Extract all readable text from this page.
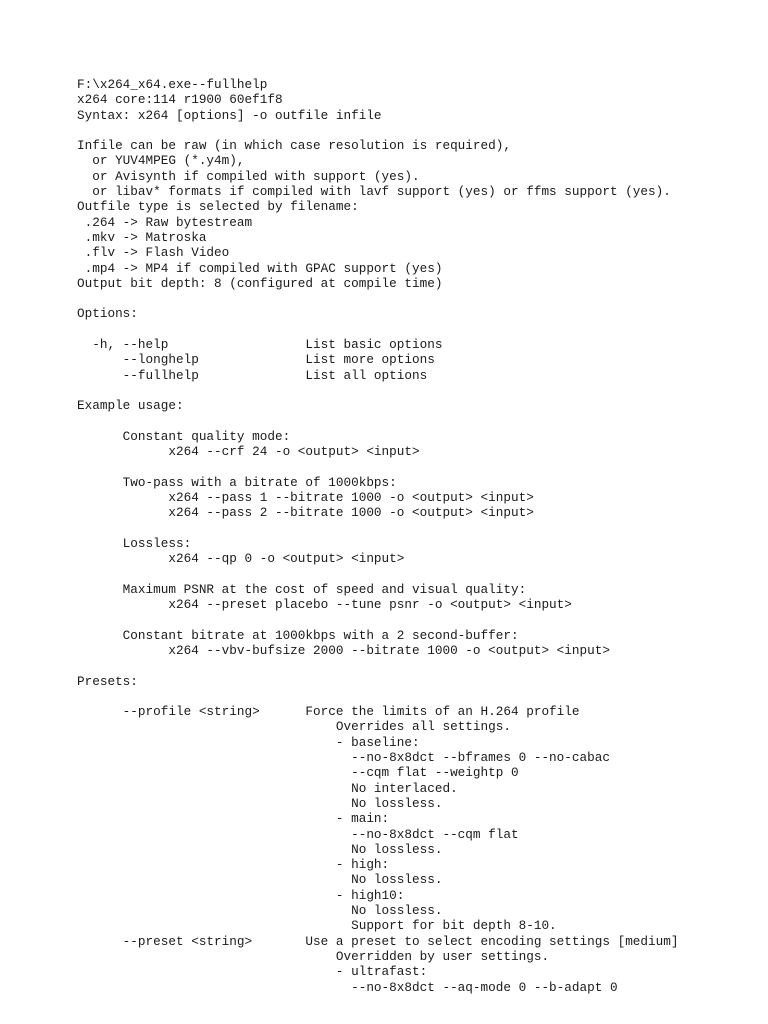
F:\x264_x64.exe--fullhelp
x264 core:114 r1900 60ef1f8
Syntax: x264 [options] -o outfile infile
Infile can be raw (in which case resolution is required),
or YUV4MPEG (*.y4m),
or Avisynth if compiled with support (yes).
or libav* formats if compiled with lavf support (yes) or ffms support (yes).
Outfile type is selected by filename:
.264 -> Raw bytestream
.mkv -> Matroska
.flv -> Flash Video
.mp4 -> MP4 if compiled with GPAC support (yes)
Output bit depth: 8 (configured at compile time)
Options:
-h, --help                  List basic options
--longhelp              List more options
--fullhelp              List all options
Example usage:
Constant quality mode:
x264 --crf 24 -o <output> <input>
Two-pass with a bitrate of 1000kbps:
x264 --pass 1 --bitrate 1000 -o <output> <input>
x264 --pass 2 --bitrate 1000 -o <output> <input>
Lossless:
x264 --qp 0 -o <output> <input>
Maximum PSNR at the cost of speed and visual quality:
x264 --preset placebo --tune psnr -o <output> <input>
Constant bitrate at 1000kbps with a 2 second-buffer:
x264 --vbv-bufsize 2000 --bitrate 1000 -o <output> <input>
Presets:
--profile <string>      Force the limits of an H.264 profile
Overrides all settings.
- baseline:
--no-8x8dct --bframes 0 --no-cabac
--cqm flat --weightp 0
No interlaced.
No lossless.
- main:
--no-8x8dct --cqm flat
No lossless.
- high:
No lossless.
- high10:
No lossless.
Support for bit depth 8-10.
--preset <string>       Use a preset to select encoding settings [medium]
Overridden by user settings.
- ultrafast:
--no-8x8dct --aq-mode 0 --b-adapt 0
